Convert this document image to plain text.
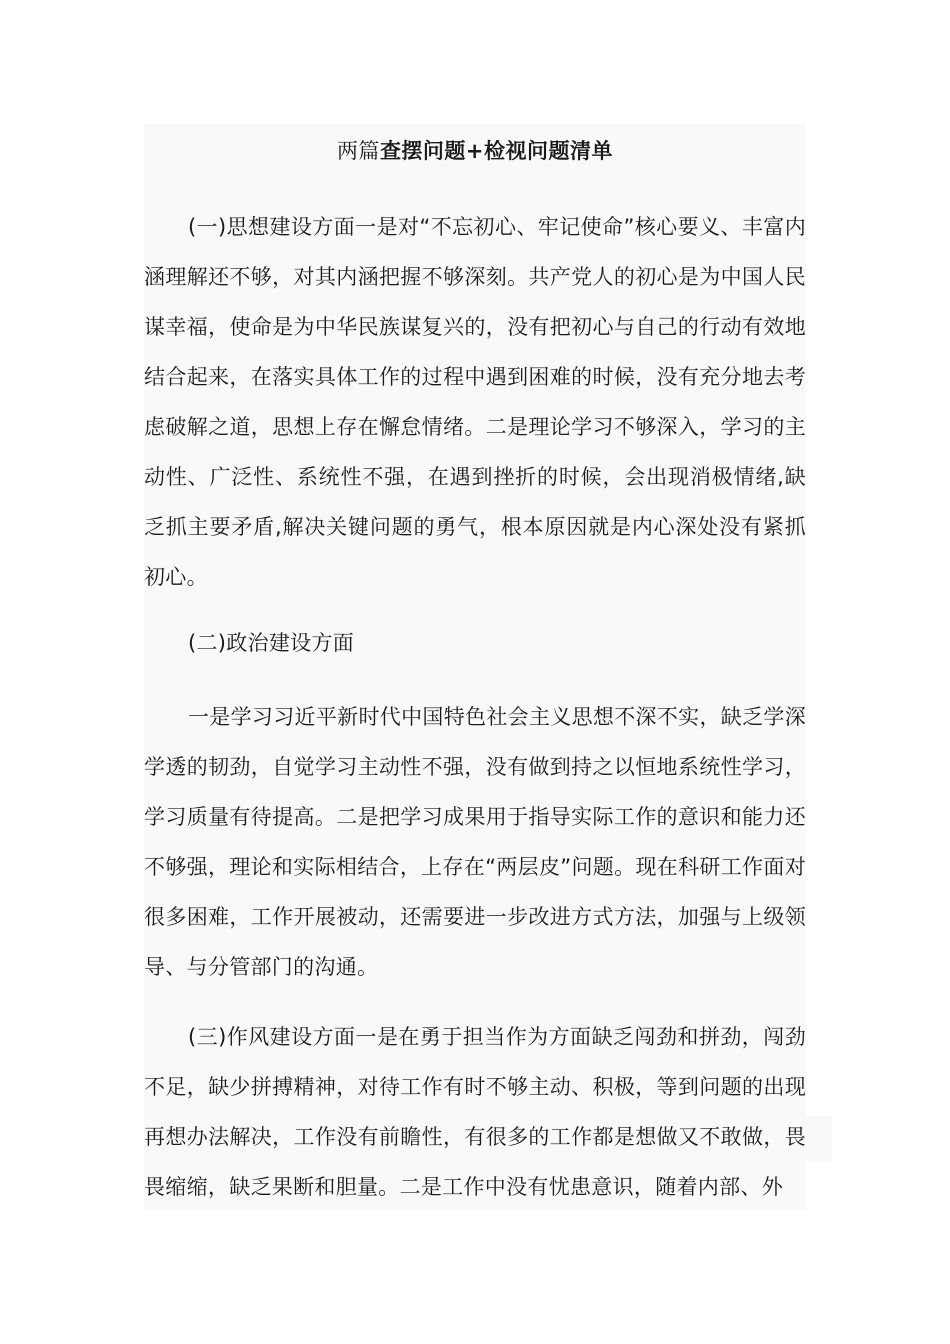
两篇查摆问题+检视问题清单

(一)思想建设方面一是对“不忘初心、牢记使命”核心要义、丰富内涵理解还不够，对其内涵把握不够深刻。共产党人的初心是为中国人民谋幸福，使命是为中华民族谋复兴的，没有把初心与自己的行动有效地结合起来，在落实具体工作的过程中遇到困难的时候，没有充分地去考虑破解之道，思想上存在懈怠情绪。二是理论学习不够深入，学习的主动性、广泛性、系统性不强，在遇到挫折的时候，会出现消极情绪,缺乏抓主要矛盾,解决关键问题的勇气，根本原因就是内心深处没有紧抓初心。

(二)政治建设方面

一是学习习近平新时代中国特色社会主义思想不深不实，缺乏学深学透的韧劲，自觉学习主动性不强，没有做到持之以恒地系统性学习，学习质量有待提高。二是把学习成果用于指导实际工作的意识和能力还不够强，理论和实际相结合，上存在“两层皮”问题。现在科研工作面对很多困难，工作开展被动，还需要进一步改进方式方法，加强与上级领导、与分管部门的沟通。

(三)作风建设方面一是在勇于担当作为方面缺乏闯劲和拼劲，闯劲不足，缺少拼搏精神，对待工作有时不够主动、积极，等到问题的出现再想办法解决，工作没有前瞻性，有很多的工作都是想做又不敢做，畏畏缩缩，缺乏果断和胆量。二是工作中没有忧患意识，随着内部、外
